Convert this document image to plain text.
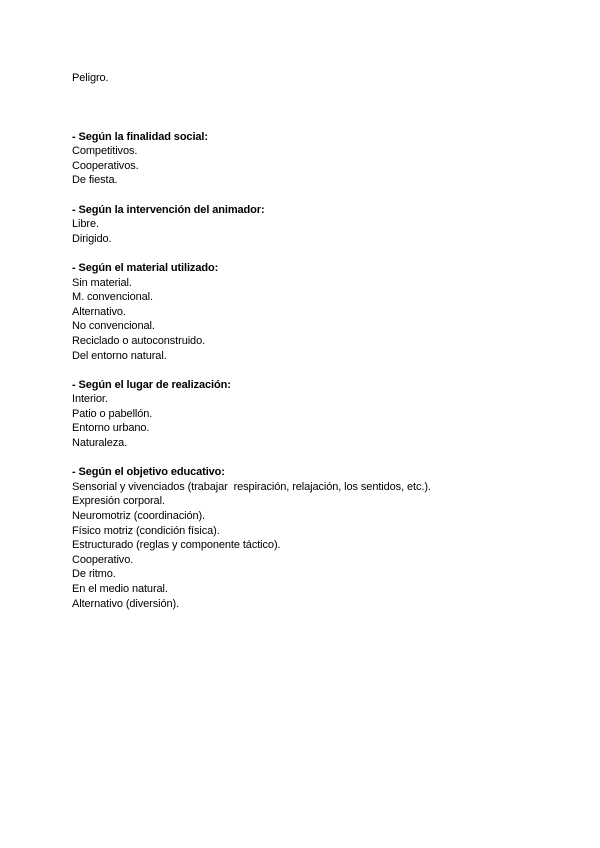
Peligro.
- Según la finalidad social:
Competitivos.
Cooperativos.
De fiesta.
- Según la intervención del animador:
Libre.
Dirigido.
- Según el material utilizado:
Sin material.
M. convencional.
Alternativo.
No convencional.
Reciclado o autoconstruido.
Del entorno natural.
- Según el lugar de realización:
Interior.
Patio o pabellón.
Entorno urbano.
Naturaleza.
- Según el objetivo educativo:
Sensorial y vivenciados (trabajar  respiración, relajación, los sentidos, etc.).
Expresión corporal.
Neuromotriz (coordinación).
Físico motriz (condición física).
Estructurado (reglas y componente táctico).
Cooperativo.
De ritmo.
En el medio natural.
Alternativo (diversión).
